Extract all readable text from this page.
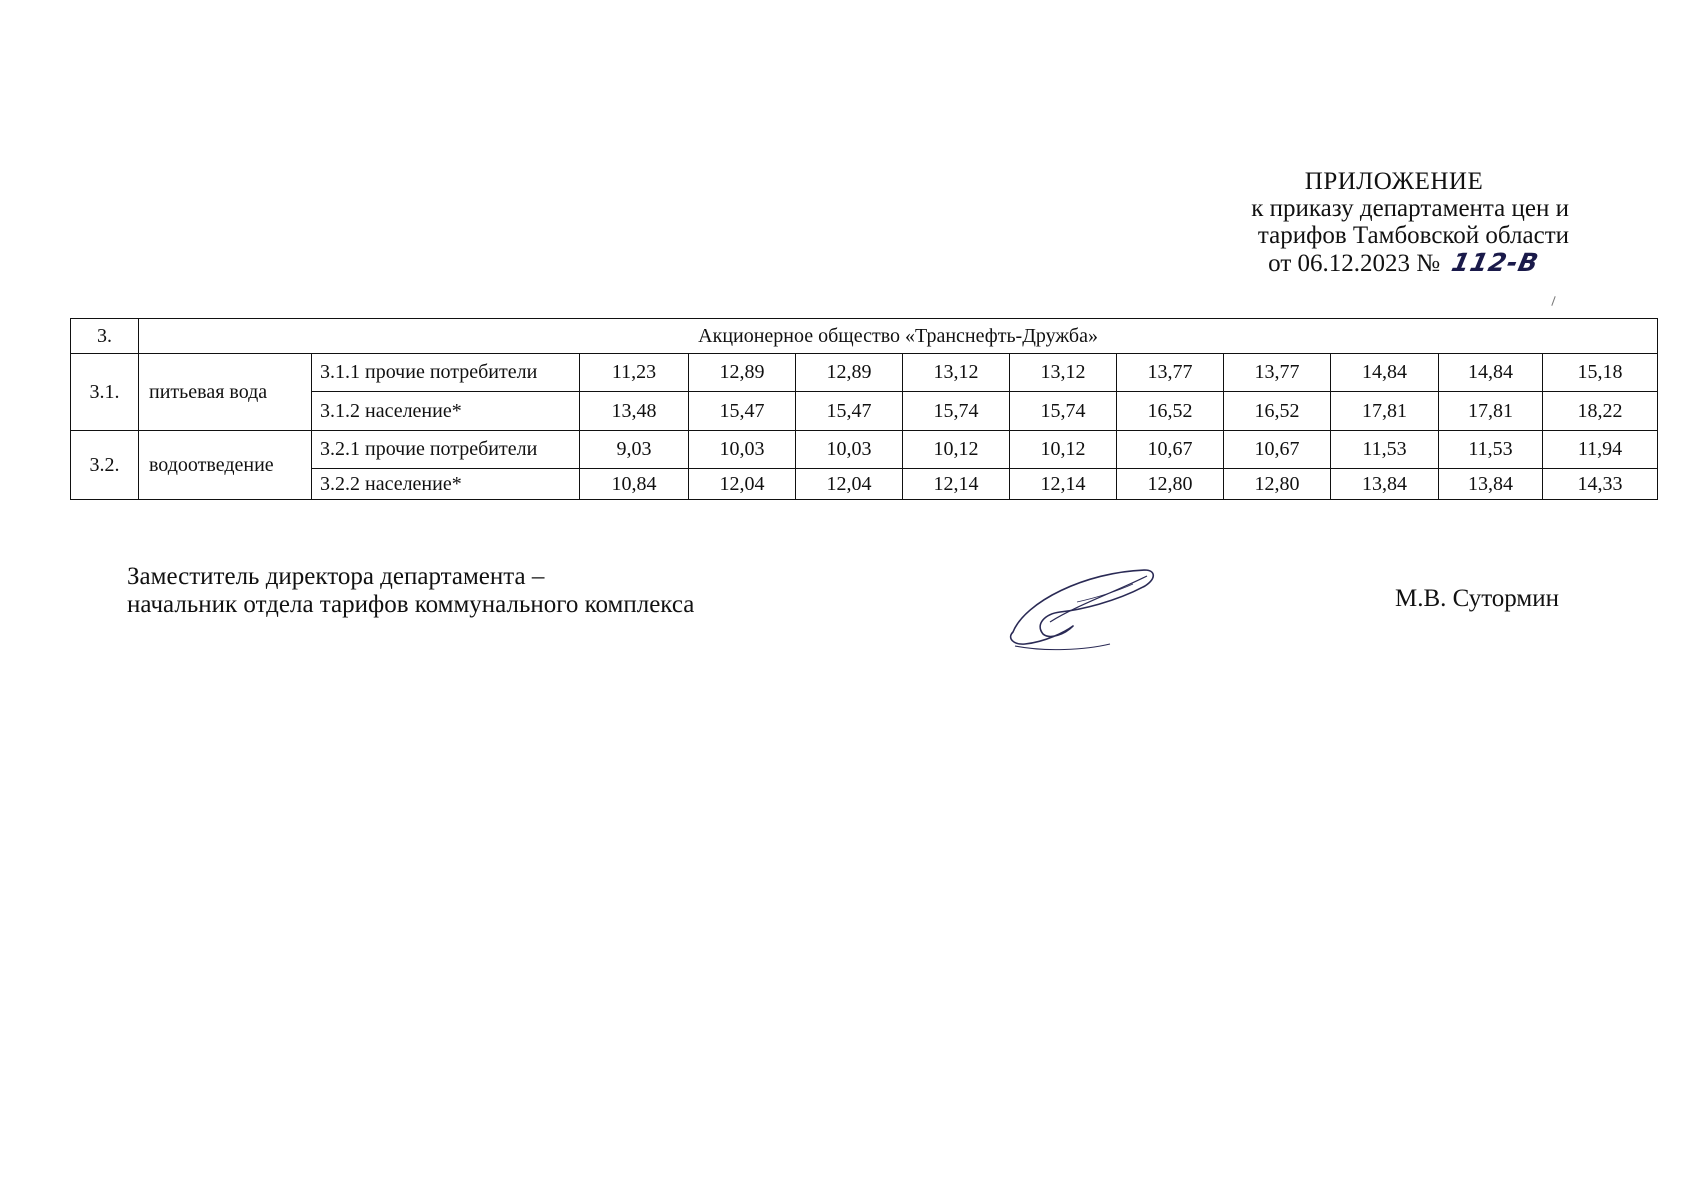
ПРИЛОЖЕНИЕ
к приказу департамента цен и
тарифов Тамбовской области
от 06.12.2023 № 112-В
3.	Акционерное общество «Транснефть-Дружба»											
3.1.	питьевая вода	3.1.1 прочие потребители	11,23	12,89	12,89	13,12	13,12	13,77	13,77	14,84	14,84	15,18
		3.1.2 население*	13,48	15,47	15,47	15,74	15,74	16,52	16,52	17,81	17,81	18,22
3.2.	водоотведение	3.2.1 прочие потребители	9,03	10,03	10,03	10,12	10,12	10,67	10,67	11,53	11,53	11,94
		3.2.2 население*	10,84	12,04	12,04	12,14	12,14	12,80	12,80	13,84	13,84	14,33
Заместитель директора департамента –
начальник отдела тарифов коммунального комплекса	М.В. Сутормин
